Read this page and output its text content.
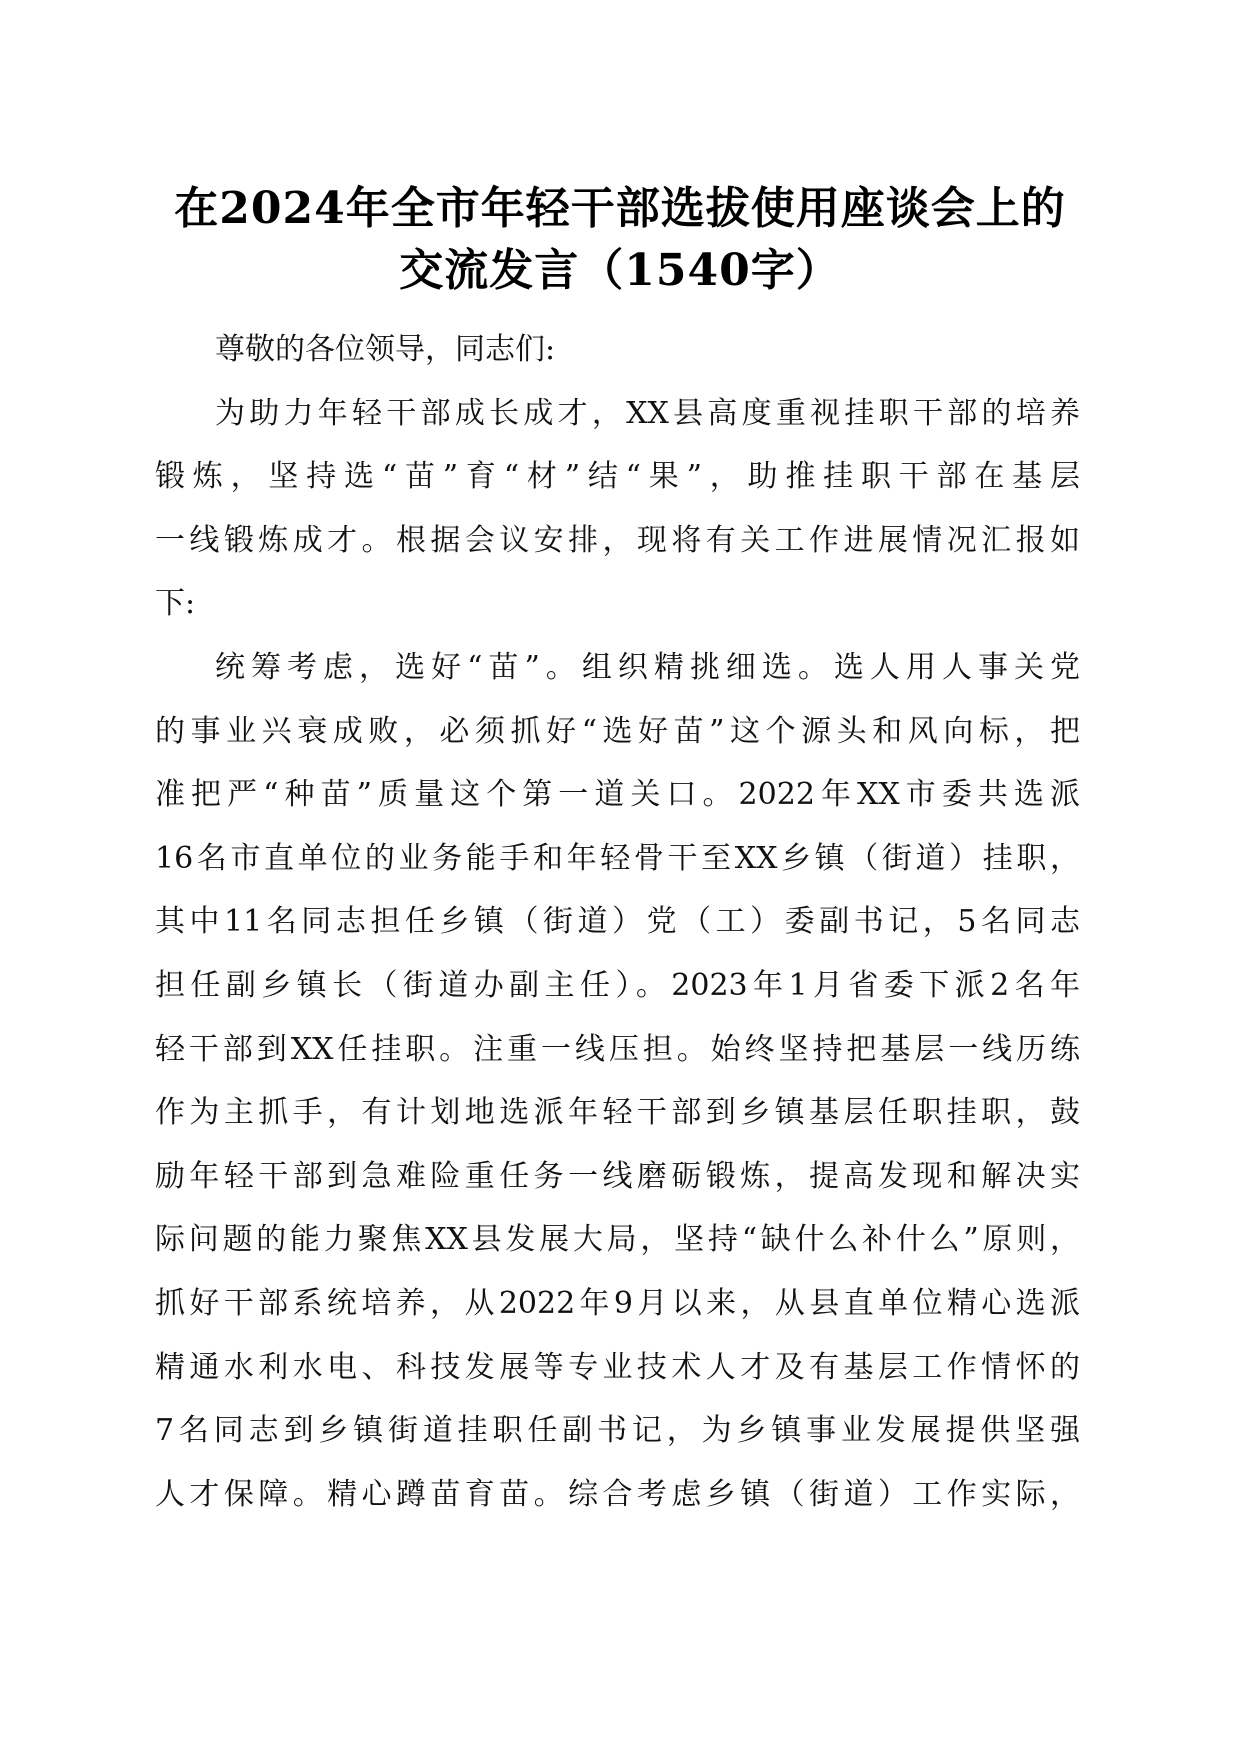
在2024年全市年轻干部选拔使用座谈会上的
交流发言（1540字）
尊敬的各位领导，同志们:
为助力年轻干部成长成才，XX县高度重视挂职干部的培养
锻炼，坚持选“苗”育“材”结“果”，助推挂职干部在基层
一线锻炼成才。根据会议安排，现将有关工作进展情况汇报如
下:
统筹考虑，选好“苗”。组织精挑细选。选人用人事关党
的事业兴衰成败，必须抓好“选好苗”这个源头和风向标，把
准把严“种苗”质量这个第一道关口。2022年XX市委共选派
16名市直单位的业务能手和年轻骨干至XX乡镇（街道）挂职，
其中11名同志担任乡镇（街道）党（工）委副书记，5名同志
担任副乡镇长（街道办副主任）。2023年1月省委下派2名年
轻干部到XX任挂职。注重一线压担。始终坚持把基层一线历练
作为主抓手，有计划地选派年轻干部到乡镇基层任职挂职，鼓
励年轻干部到急难险重任务一线磨砺锻炼，提高发现和解决实
际问题的能力聚焦XX县发展大局，坚持“缺什么补什么”原则，
抓好干部系统培养，从2022年9月以来，从县直单位精心选派
精通水利水电、科技发展等专业技术人才及有基层工作情怀的
7名同志到乡镇街道挂职任副书记，为乡镇事业发展提供坚强
人才保障。精心蹲苗育苗。综合考虑乡镇（街道）工作实际，
